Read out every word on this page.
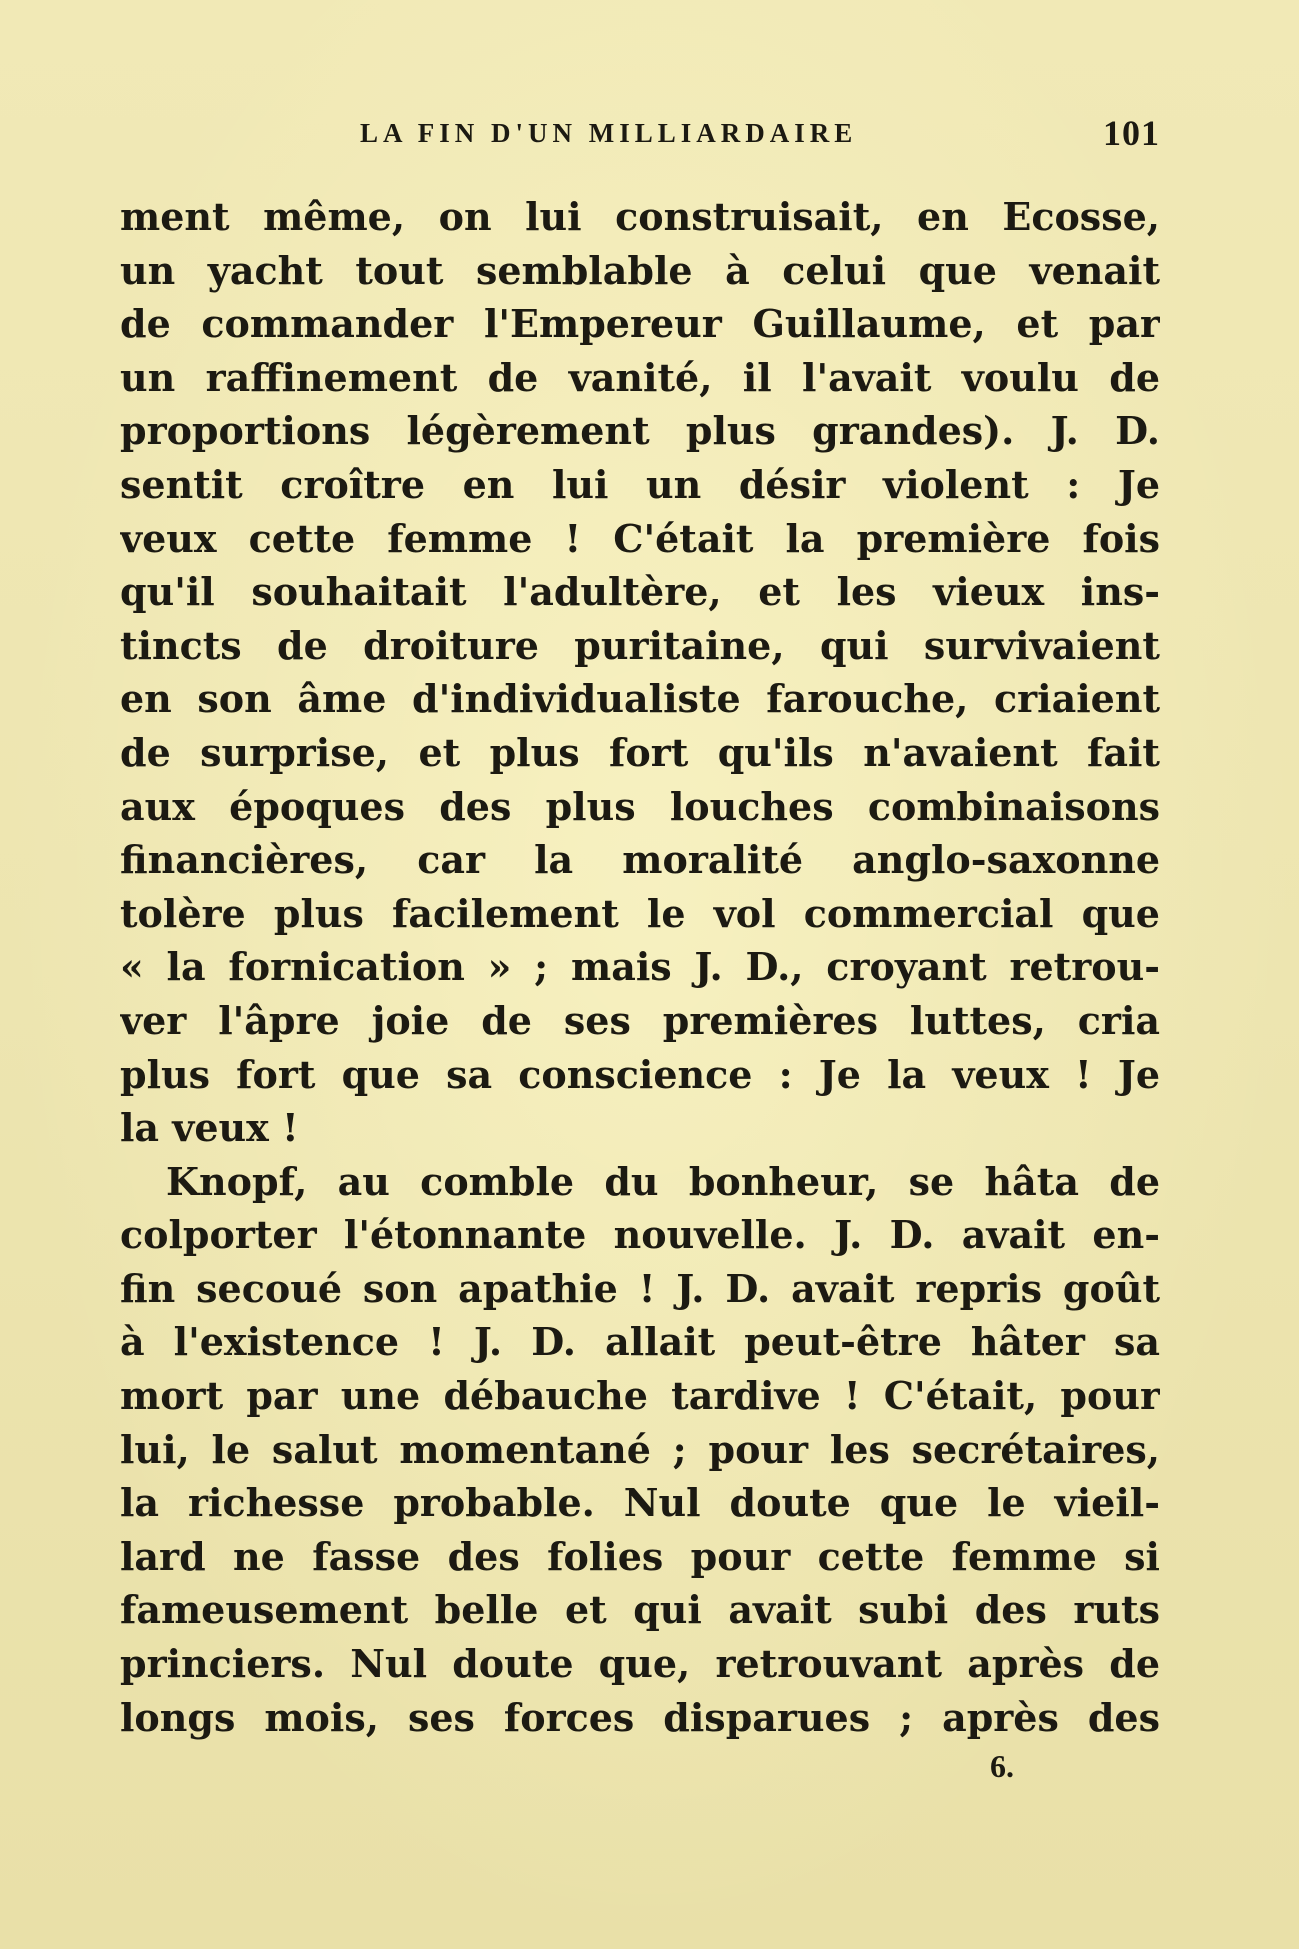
LA FIN D'UN MILLIARDAIRE	101
ment même, on lui construisait, en Ecosse,
un yacht tout semblable à celui que venait
de commander l'Empereur Guillaume, et par
un raffinement de vanité, il l'avait voulu de
proportions légèrement plus grandes). J. D.
sentit croître en lui un désir violent : Je
veux cette femme ! C'était la première fois
qu'il souhaitait l'adultère, et les vieux ins-
tincts de droiture puritaine, qui survivaient
en son âme d'individualiste farouche, criaient
de surprise, et plus fort qu'ils n'avaient fait
aux époques des plus louches combinaisons
financières, car la moralité anglo-saxonne
tolère plus facilement le vol commercial que
« la fornication » ; mais J. D., croyant retrou-
ver l'âpre joie de ses premières luttes, cria
plus fort que sa conscience : Je la veux ! Je
la veux !
Knopf, au comble du bonheur, se hâta de
colporter l'étonnante nouvelle. J. D. avait en-
fin secoué son apathie ! J. D. avait repris goût
à l'existence ! J. D. allait peut-être hâter sa
mort par une débauche tardive ! C'était, pour
lui, le salut momentané ; pour les secrétaires,
la richesse probable. Nul doute que le vieil-
lard ne fasse des folies pour cette femme si
fameusement belle et qui avait subi des ruts
princiers. Nul doute que, retrouvant après de
longs mois, ses forces disparues ; après des
6.
